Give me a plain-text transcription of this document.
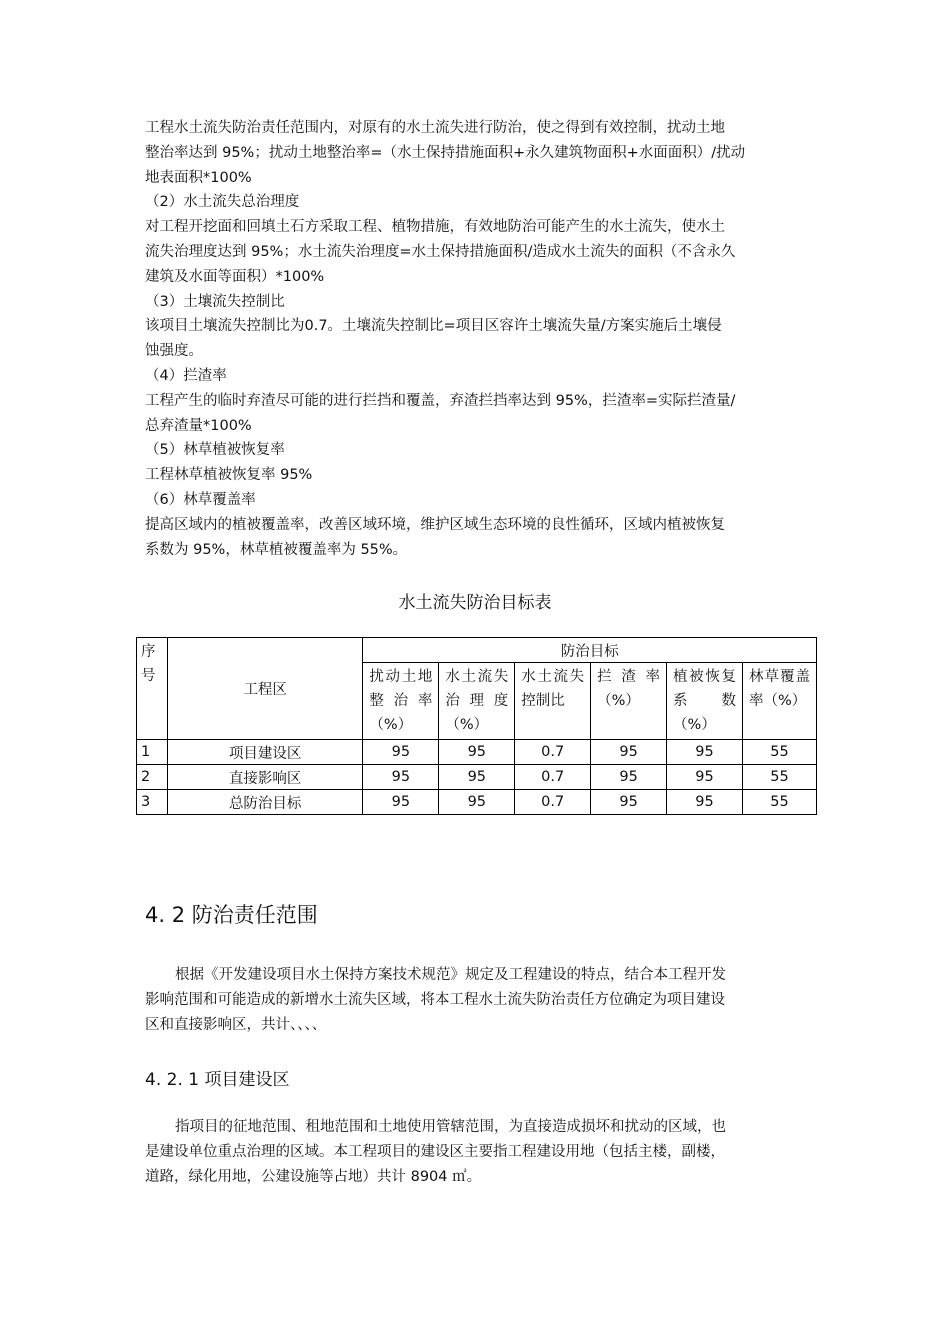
工程水土流失防治责任范围内，对原有的水土流失进行防治，使之得到有效控制，扰动土地
整治率达到 95%；扰动土地整治率=（水土保持措施面积+永久建筑物面积+水面面积）/扰动
地表面积*100%
（2）水土流失总治理度
对工程开挖面和回填土石方采取工程、植物措施，有效地防治可能产生的水土流失，使水土
流失治理度达到 95%；水土流失治理度=水土保持措施面积/造成水土流失的面积（不含永久
建筑及水面等面积）*100%
（3）土壤流失控制比
该项目土壤流失控制比为0.7。土壤流失控制比=项目区容许土壤流失量/方案实施后土壤侵
蚀强度。
（4）拦渣率
工程产生的临时弃渣尽可能的进行拦挡和覆盖，弃渣拦挡率达到 95%，拦渣率=实际拦渣量/
总弃渣量*100%
（5）林草植被恢复率
工程林草植被恢复率 95%
（6）林草覆盖率
提高区域内的植被覆盖率，改善区域环境，维护区域生态环境的良性循环，区域内植被恢复
系数为 95%，林草植被覆盖率为 55%。
水土流失防治目标表
序号	工程区	防治目标					
		扰动土地整治率（%）	水土流失治理度（%）	水土流失控制比	拦渣率（%）	植被恢复系数（%）	林草覆盖率（%）
1	项目建设区	95	95	0.7	95	95	55
2	直接影响区	95	95	0.7	95	95	55
3	总防治目标	95	95	0.7	95	95	55
4. 2 防治责任范围
根据《开发建设项目水土保持方案技术规范》规定及工程建设的特点，结合本工程开发
影响范围和可能造成的新增水土流失区域，将本工程水土流失防治责任方位确定为项目建设
区和直接影响区，共计、、、、
4. 2. 1 项目建设区
指项目的征地范围、租地范围和土地使用管辖范围，为直接造成损坏和扰动的区域，也
是建设单位重点治理的区域。本工程项目的建设区主要指工程建设用地（包括主楼，副楼，
道路，绿化用地，公建设施等占地）共计 8904 ㎡。
